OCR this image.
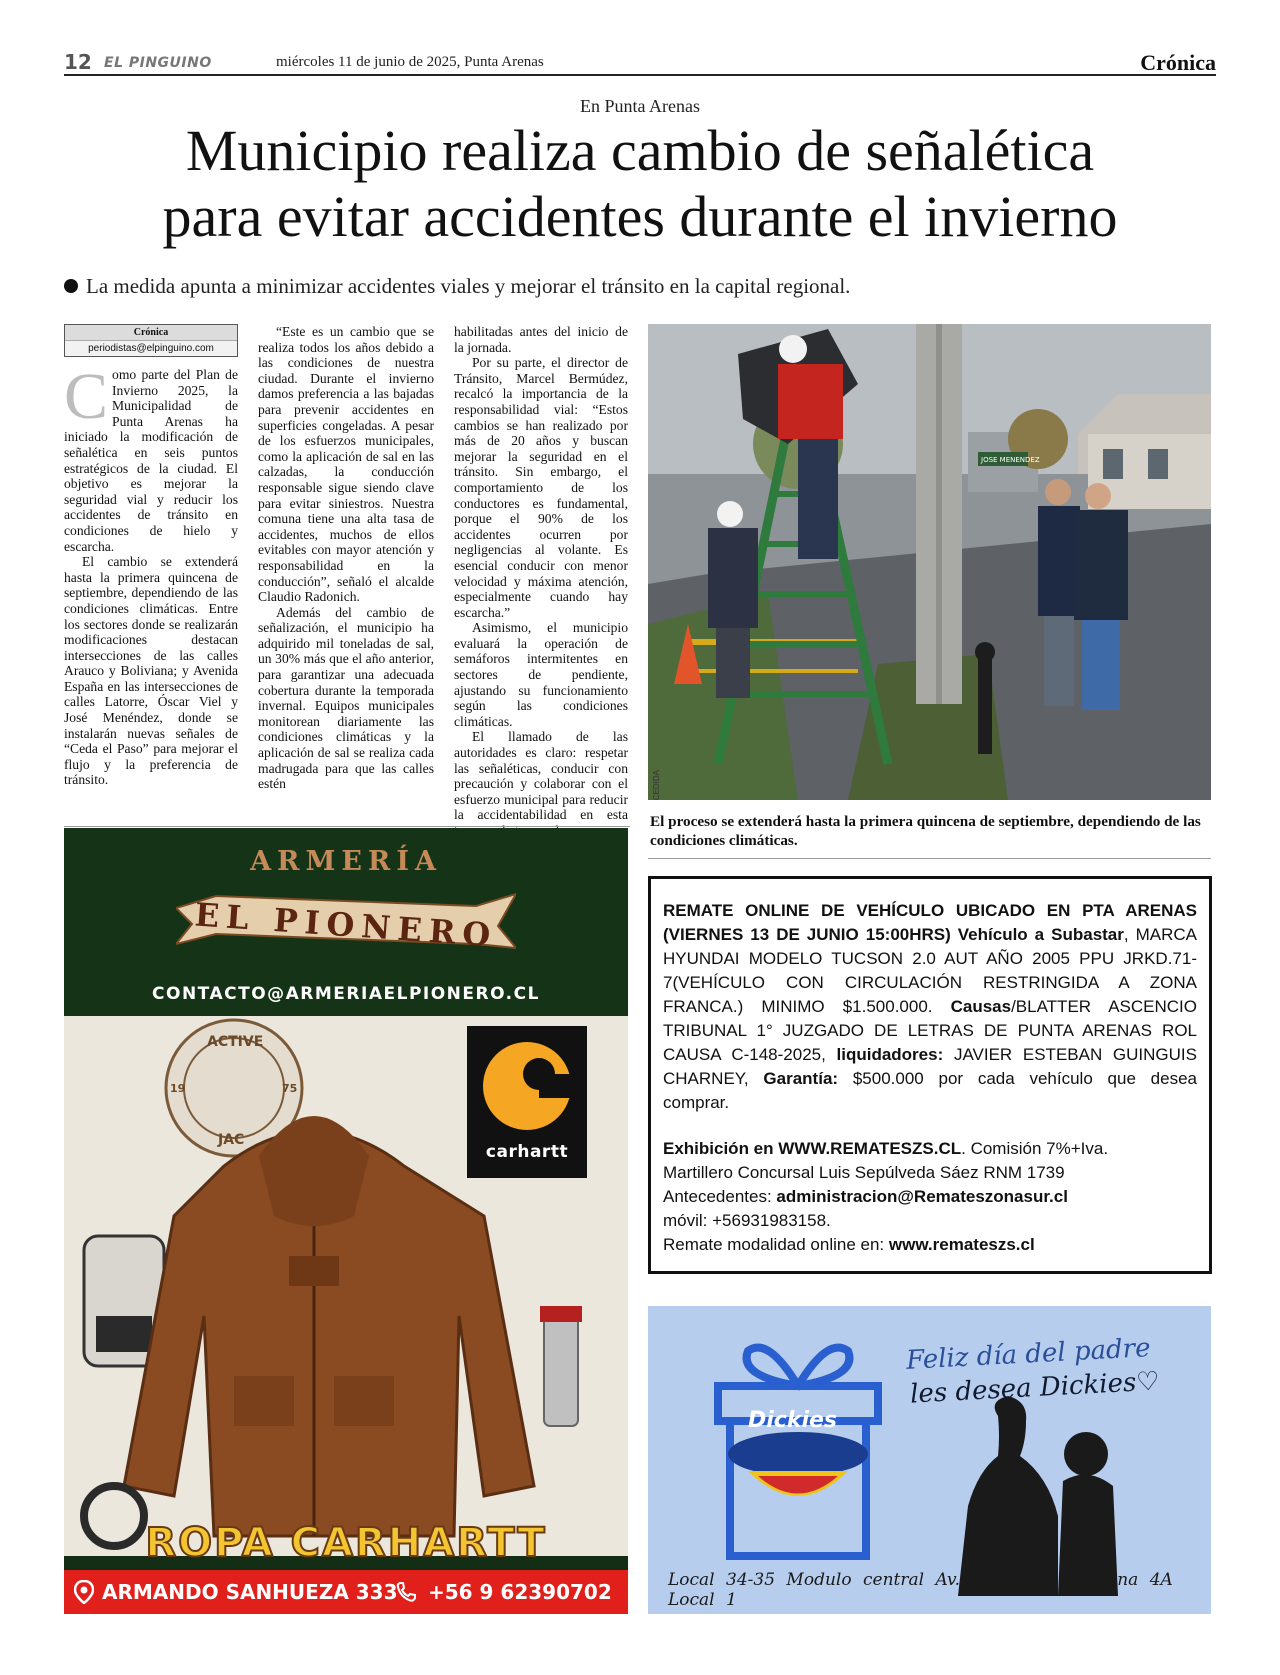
12 EL PINGUINO	miércoles 11 de junio de 2025, Punta Arenas	Crónica
En Punta Arenas
Municipio realiza cambio de señalética
para evitar accidentes durante el invierno
La medida apunta a minimizar accidentes viales y mejorar el tránsito en la capital regional.
Crónica
periodistas@elpinguino.com

Como parte del Plan de Invierno 2025, la Municipalidad de Punta Arenas ha iniciado la modificación de señalética en seis puntos estratégicos de la ciudad. El objetivo es mejorar la seguridad vial y reducir los accidentes de tránsito en condiciones de hielo y escarcha.

El cambio se extenderá hasta la primera quincena de septiembre, dependiendo de las condiciones climáticas. Entre los sectores donde se realizarán modificaciones destacan intersecciones de las calles Arauco y Boliviana; y Avenida España en las intersecciones de calles Latorre, Óscar Viel y José Menéndez, donde se instalarán nuevas señales de “Ceda el Paso” para mejorar el flujo y la preferencia de tránsito.

“Este es un cambio que se realiza todos los años debido a las condiciones de nuestra ciudad. Durante el invierno damos preferencia a las bajadas para prevenir accidentes en superficies congeladas. A pesar de los esfuerzos municipales, como la aplicación de sal en las calzadas, la conducción responsable sigue siendo clave para evitar siniestros. Nuestra comuna tiene una alta tasa de accidentes, muchos de ellos evitables con mayor atención y responsabilidad en la conducción”, señaló el alcalde Claudio Radonich.

Además del cambio de señalización, el municipio ha adquirido mil toneladas de sal, un 30% más que el año anterior, para garantizar una adecuada cobertura durante la temporada invernal. Equipos municipales monitorean diariamente las condiciones climáticas y la aplicación de sal se realiza cada madrugada para que las calles estén

habilitadas antes del inicio de la jornada.

Por su parte, el director de Tránsito, Marcel Bermúdez, recalcó la importancia de la responsabilidad vial: “Estos cambios se han realizado por más de 20 años y buscan mejorar la seguridad en el tránsito. Sin embargo, el comportamiento de los conductores es fundamental, porque el 90% de los accidentes ocurren por negligencias al volante. Es esencial conducir con menor velocidad y máxima atención, especialmente cuando hay escarcha.”

Asimismo, el municipio evaluará la operación de semáforos intermitentes en sectores de pendiente, ajustando su funcionamiento según las condiciones climáticas.

El llamado de las autoridades es claro: respetar las señaléticas, conducir con precaución y colaborar con el esfuerzo municipal para reducir la accidentabilidad en esta

JOSE MENENDEZ
CEDIDA
El proceso se extenderá hasta la primera quincena de septiembre, dependiendo de las condiciones climáticas.

REMATE ONLINE DE VEHÍCULO UBICADO EN PTA ARENAS (VIERNES 13 DE JUNIO 15:00HRS) Vehículo a Subastar, MARCA HYUNDAI MODELO TUCSON 2.0 AUT AÑO 2005 PPU JRKD.71-7(VEHÍCULO CON CIRCULACIÓN RESTRINGIDA A ZONA FRANCA.) MINIMO $1.500.000. Causas/BLATTER ASCENCIO TRIBUNAL 1° JUZGADO DE LETRAS DE PUNTA ARENAS ROL CAUSA C-148-2025, liquidadores: JAVIER ESTEBAN GUINGUIS CHARNEY, Garantía: $500.000 por cada vehículo que desea comprar.

Exhibición en WWW.REMATESZS.CL. Comisión 7%+Iva.

Martillero Concursal Luis Sepúlveda Sáez RNM 1739

Antecedentes: administracion@Remateszonasur.cl

móvil: +56931983158.

Remate modalidad online en: www.remateszs.cl

ARMERÍA
EL PIONERO
CONTACTO@ARMERIAELPIONERO.CL
ACTIVE
19	75
JAC
ROPA CARHARTT
ARMANDO SANHUEZA 333 +56 9 62390702
carhartt
Feliz día del padre
les desea Dickies♡
Dickies
Local 34-35 Modulo central Av. principal Manzana 4A Local 1
